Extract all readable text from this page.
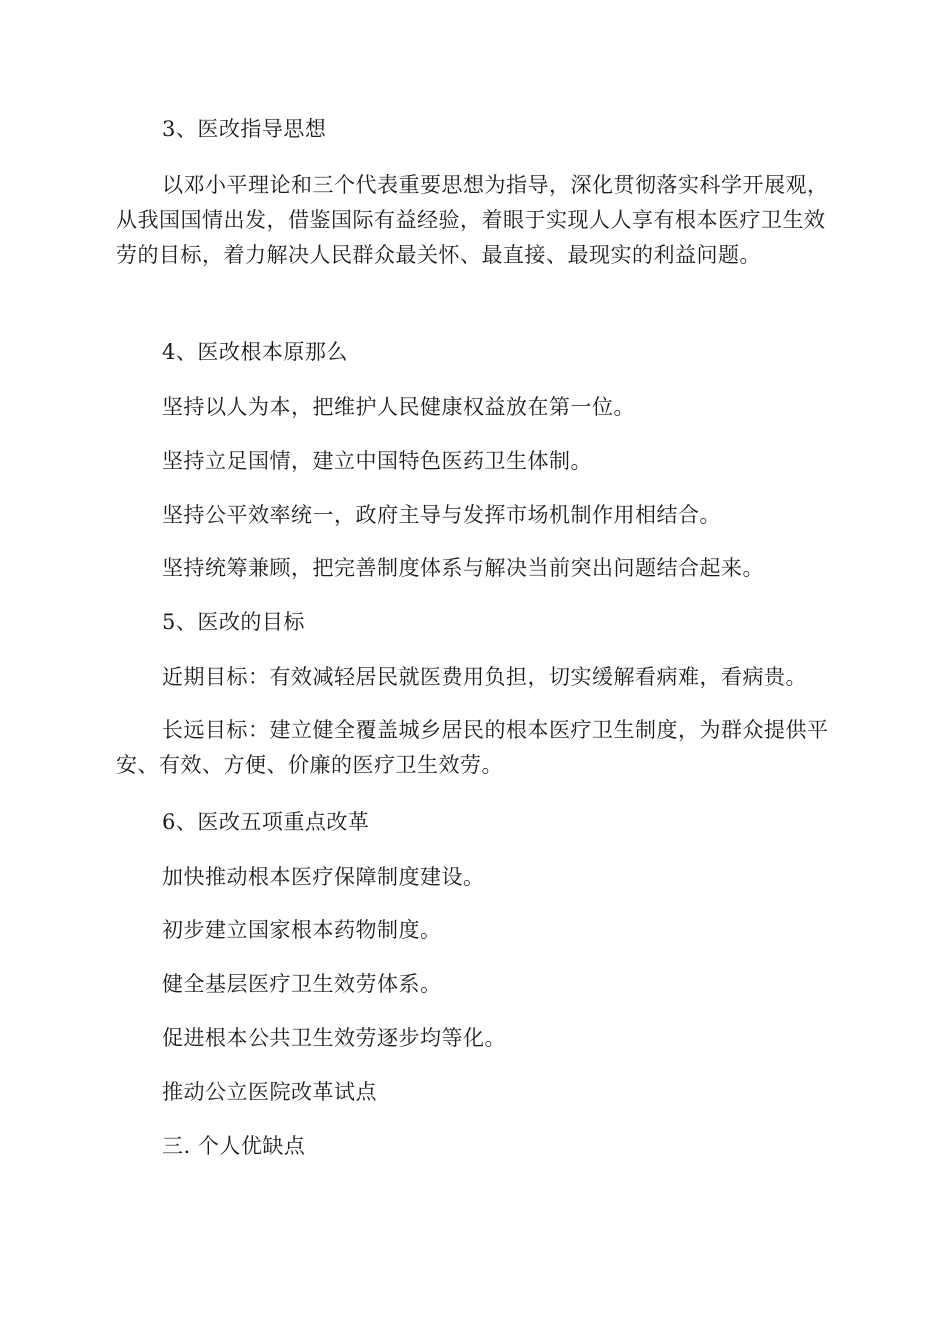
3、医改指导思想

以邓小平理论和三个代表重要思想为指导，深化贯彻落实科学开展观，从我国国情出发，借鉴国际有益经验，着眼于实现人人享有根本医疗卫生效劳的目标，着力解决人民群众最关怀、最直接、最现实的利益问题。

4、医改根本原那么

坚持以人为本，把维护人民健康权益放在第一位。

坚持立足国情，建立中国特色医药卫生体制。

坚持公平效率统一，政府主导与发挥市场机制作用相结合。

坚持统筹兼顾，把完善制度体系与解决当前突出问题结合起来。

5、医改的目标

近期目标：有效减轻居民就医费用负担，切实缓解看病难，看病贵。

长远目标：建立健全覆盖城乡居民的根本医疗卫生制度，为群众提供平安、有效、方便、价廉的医疗卫生效劳。

6、医改五项重点改革

加快推动根本医疗保障制度建设。

初步建立国家根本药物制度。

健全基层医疗卫生效劳体系。

促进根本公共卫生效劳逐步均等化。

推动公立医院改革试点

三. 个人优缺点
